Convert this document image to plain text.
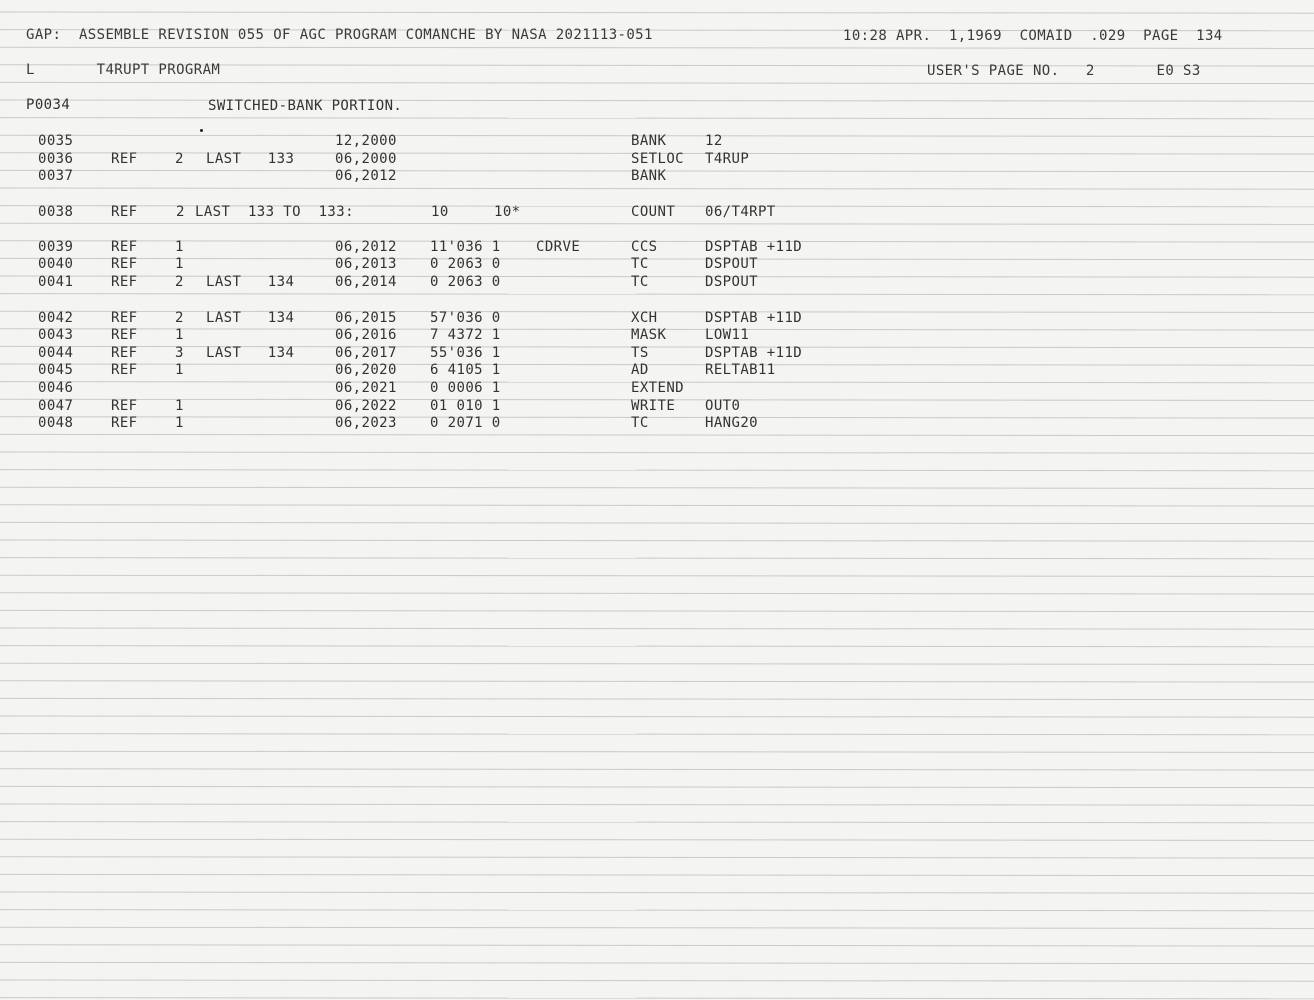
GAP:  ASSEMBLE REVISION 055 OF AGC PROGRAM COMANCHE BY NASA 2021113-051	10:28 APR.  1,1969  COMAID  .029  PAGE  134
L       T4RUPT PROGRAM	USER'S PAGE NO.   2       E0 S3
P0034	SWITCHED-BANK PORTION.
0035	12,2000	BANK	12
0036	REF	2 LAST   133	06,2000	SETLOC T4RUP
0037	06,2012	BANK
0038	REF	2 LAST  133 TO  133:	10	10*	COUNT 06/T4RPT
0039	REF	1	06,2012 11'036 1	CDRVE	CCS	DSPTAB +11D
0040	REF	1	06,2013 0 2063 0	TC	DSPOUT
0041	REF	2 LAST   134	06,2014 0 2063 0	TC	DSPOUT
0042	REF	2 LAST   134	06,2015 57'036 0	XCH	DSPTAB +11D
0043	REF	1	06,2016 7 4372 1	MASK	LOW11
0044	REF	3 LAST   134	06,2017 55'036 1	TS	DSPTAB +11D
0045	REF	1	06,2020 6 4105 1	AD	RELTAB11
0046	06,2021 0 0006 1	EXTEND
0047	REF	1	06,2022 01 010 1	WRITE OUT0
0048	REF	1	06,2023 0 2071 0	TC	HANG20
